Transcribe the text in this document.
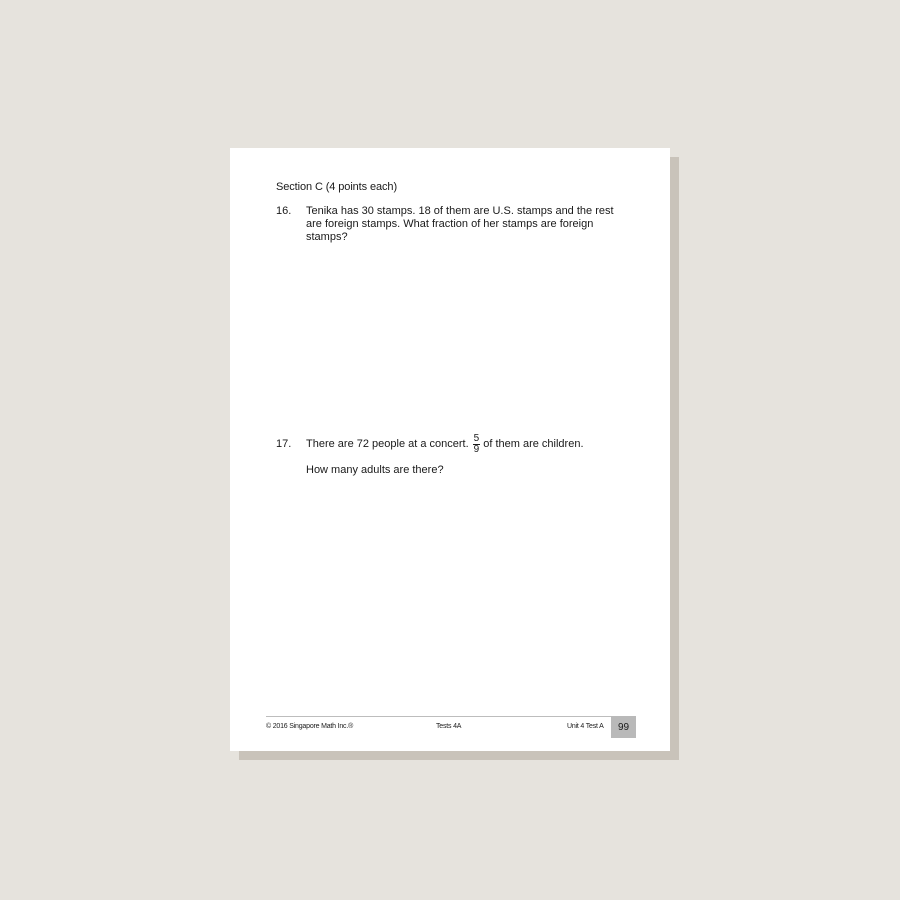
Section C (4 points each)
16.	Tenika has 30 stamps. 18 of them are U.S. stamps and the rest are foreign stamps. What fraction of her stamps are foreign stamps?
17.	There are 72 people at a concert. $\frac{5}{9}$ of them are children.
How many adults are there?
© 2016 Singapore Math Inc.®	Tests 4A	Unit 4 Test A	99
